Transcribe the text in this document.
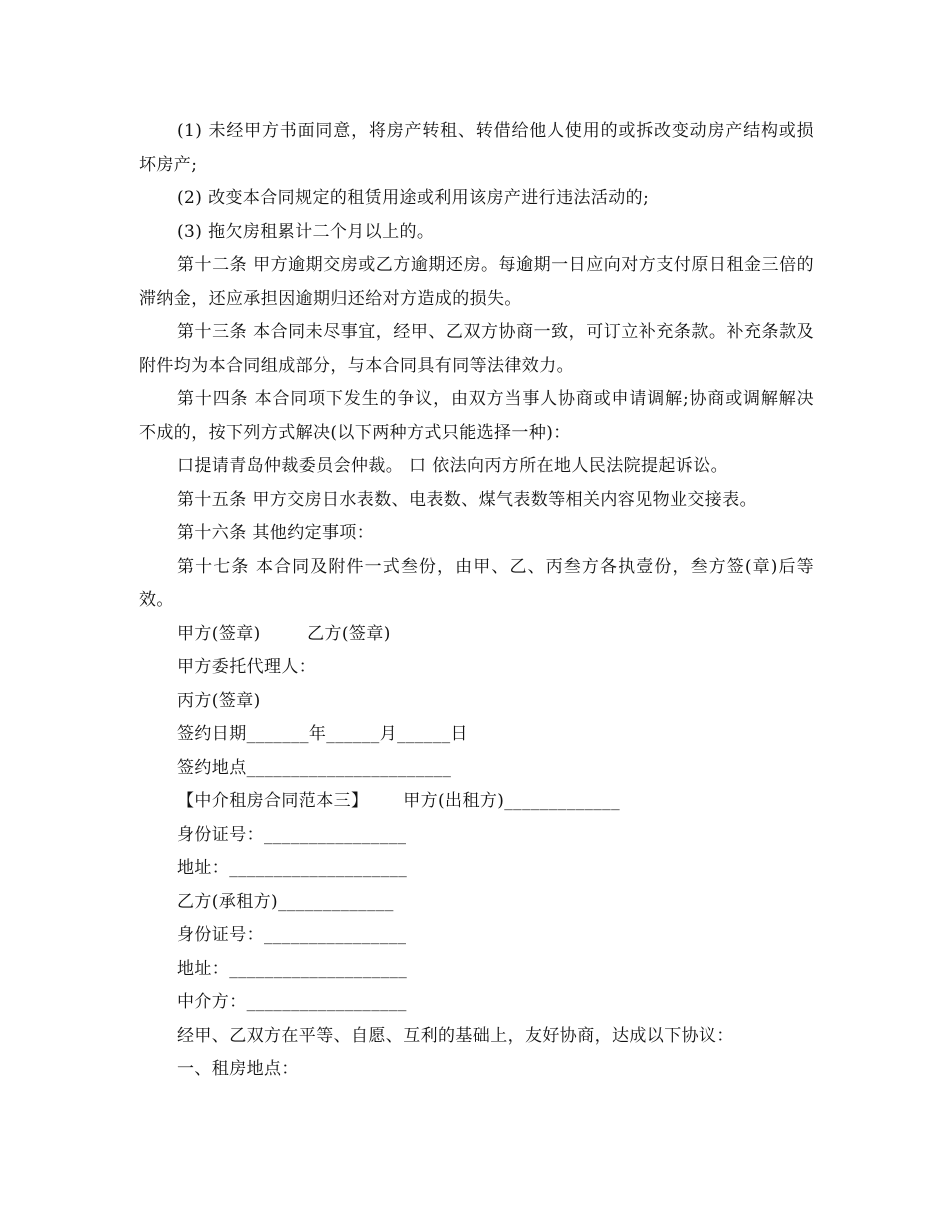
(1) 未经甲方书面同意，将房产转租、转借给他人使用的或拆改变动房产结构或损坏房产;

(2) 改变本合同规定的租赁用途或利用该房产进行违法活动的;

(3) 拖欠房租累计二个月以上的。

第十二条 甲方逾期交房或乙方逾期还房。每逾期一日应向对方支付原日租金三倍的滞纳金，还应承担因逾期归还给对方造成的损失。

第十三条 本合同未尽事宜，经甲、乙双方协商一致，可订立补充条款。补充条款及附件均为本合同组成部分，与本合同具有同等法律效力。

第十四条 本合同项下发生的争议，由双方当事人协商或申请调解;协商或调解解决不成的，按下列方式解决(以下两种方式只能选择一种)：

口提请青岛仲裁委员会仲裁。 口 依法向丙方所在地人民法院提起诉讼。

第十五条 甲方交房日水表数、电表数、煤气表数等相关内容见物业交接表。

第十六条 其他约定事项：

第十七条 本合同及附件一式叁份，由甲、乙、丙叁方各执壹份，叁方签(章)后等效。

甲方(签章)        乙方(签章)

甲方委托代理人：

丙方(签章)

签约日期_______年______月______日

签约地点_______________________

【中介租房合同范本三】      甲方(出租方)_____________

身份证号：________________

地址：____________________

乙方(承租方)_____________

身份证号：________________

地址：____________________

中介方：__________________

经甲、乙双方在平等、自愿、互利的基础上，友好协商，达成以下协议：

一、租房地点：
